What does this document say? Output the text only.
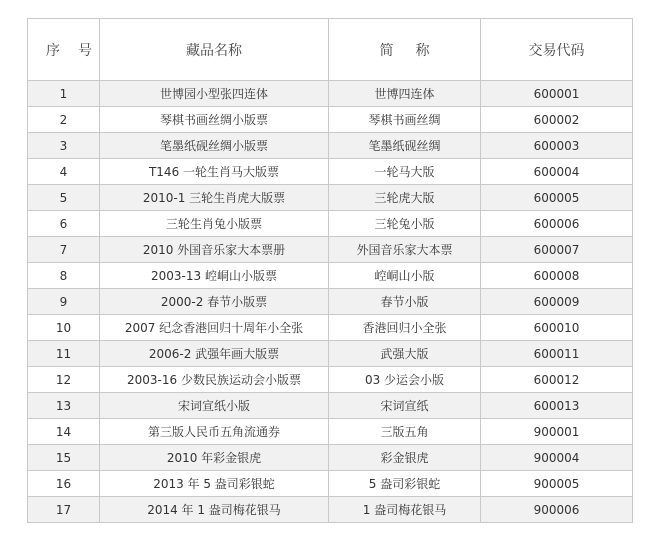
序号	藏品名称	简称	交易代码
1	世博园小型张四连体	世博四连体	600001
2	琴棋书画丝绸小版票	琴棋书画丝绸	600002
3	笔墨纸砚丝绸小版票	笔墨纸砚丝绸	600003
4	T146 一轮生肖马大版票	一轮马大版	600004
5	2010-1 三轮生肖虎大版票	三轮虎大版	600005
6	三轮生肖兔小版票	三轮兔小版	600006
7	2010 外国音乐家大本票册	外国音乐家大本票	600007
8	2003-13 崆峒山小版票	崆峒山小版	600008
9	2000-2 春节小版票	春节小版	600009
10	2007 纪念香港回归十周年小全张	香港回归小全张	600010
11	2006-2 武强年画大版票	武强大版	600011
12	2003-16 少数民族运动会小版票	03 少运会小版	600012
13	宋词宣纸小版	宋词宣纸	600013
14	第三版人民币五角流通券	三版五角	900001
15	2010 年彩金银虎	彩金银虎	900004
16	2013 年 5 盎司彩银蛇	5 盎司彩银蛇	900005
17	2014 年 1 盎司梅花银马	1 盎司梅花银马	900006
